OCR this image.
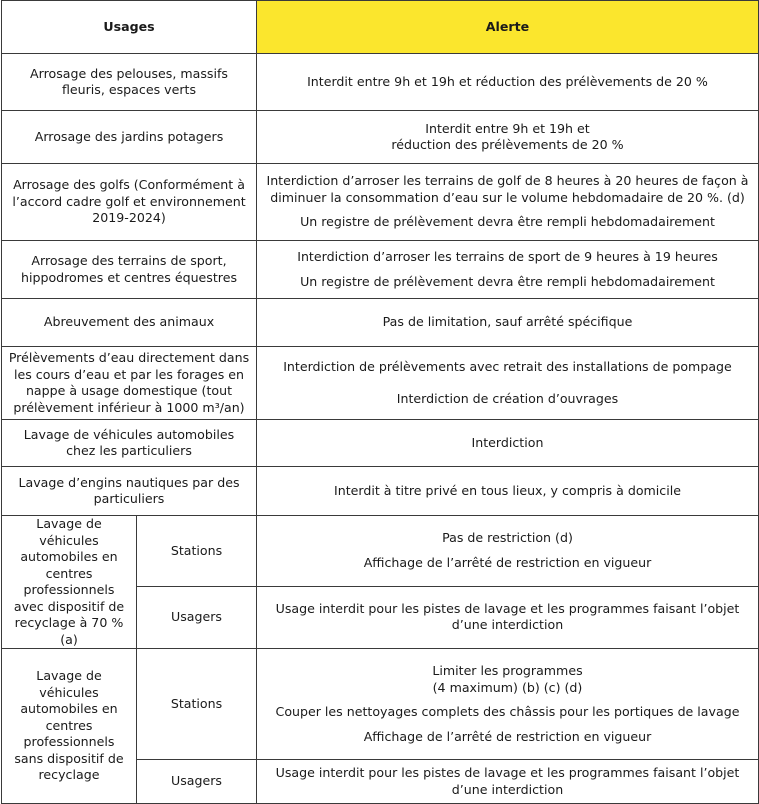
Usages		Alerte
Arrosage des pelouses, massifs fleuris, espaces verts		Interdit entre 9h et 19h et réduction des prélèvements de 20 %

Arrosage des jardins potagers		Interdit entre 9h et 19h et
réduction des prélèvements de 20 %

Arrosage des golfs (Conformément à l’accord cadre golf et environnement 2019-2024)		Interdiction d’arroser les terrains de golf de 8 heures à 20 heures de façon à diminuer la consommation d’eau sur le volume hebdomadaire de 20 %. (d)
Un registre de prélèvement devra être rempli hebdomadairement

Arrosage des terrains de sport, hippodromes et centres équestres		Interdiction d’arroser les terrains de sport de 9 heures à 19 heures
Un registre de prélèvement devra être rempli hebdomadairement

Abreuvement des animaux		Pas de limitation, sauf arrêté spécifique

Prélèvements d’eau directement dans les cours d’eau et par les forages en nappe à usage domestique (tout prélèvement inférieur à 1000 m³/an)		Interdiction de prélèvements avec retrait des installations de pompage
Interdiction de création d’ouvrages

Lavage de véhicules automobiles chez les particuliers		Interdiction

Lavage d’engins nautiques par des particuliers		Interdit à titre privé en tous lieux, y compris à domicile

Lavage de véhicules automobiles en centres professionnels avec dispositif de recyclage à 70 % (a)	Stations	Pas de restriction (d)
Affichage de l’arrêté de restriction en vigueur

	Usagers	Usage interdit pour les pistes de lavage et les programmes faisant l’objet d’une interdiction

Lavage de véhicules automobiles en centres professionnels sans dispositif de recyclage	Stations	Limiter les programmes
(4 maximum) (b) (c) (d)
Couper les nettoyages complets des châssis pour les portiques de lavage
Affichage de l’arrêté de restriction en vigueur

	Usagers	Usage interdit pour les pistes de lavage et les programmes faisant l’objet d’une interdiction
